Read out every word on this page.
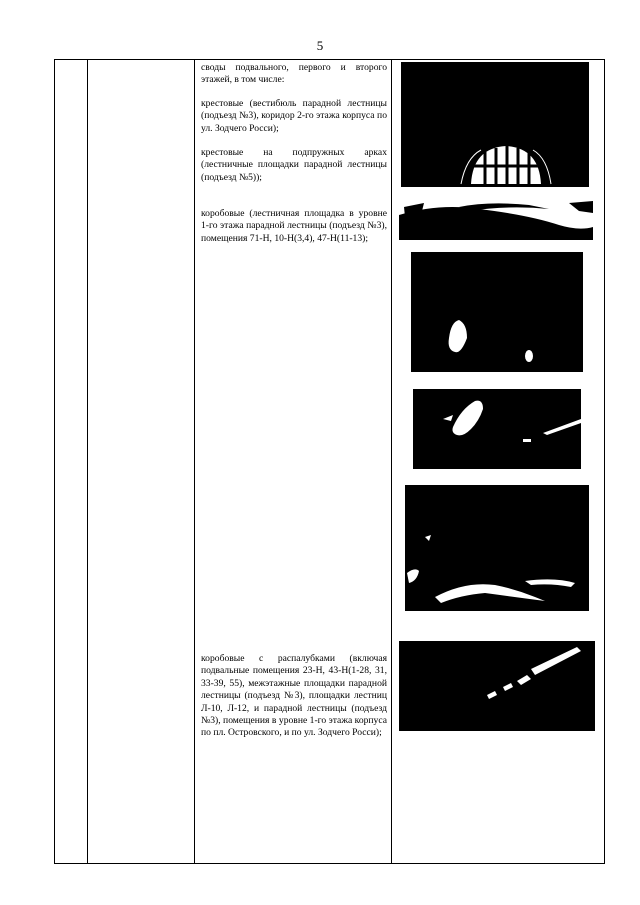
5

своды подвального, первого и второго этажей, в том числе:
крестовые (вестибюль парадной лестницы (подъезд №3), коридор 2-го этажа корпуса по ул. Зодчего Росси);
крестовые на подпружных арках (лестничные площадки парадной лестницы (подъезд №5));
коробовые (лестничная площадка в уровне 1-го этажа парадной лестницы (подъезд №3), помещения 71-Н, 10-Н(3,4), 47-Н(11-13);
коробовые с распалубками (включая подвальные помещения 23-Н, 43-Н(1-28, 31, 33-39, 55), межэтажные площадки парадной лестницы (подъезд №3), площадки лестниц Л-10, Л-12, и парадной лестницы (подъезд №3), помещения в уровне 1-го этажа корпуса по пл. Островского, и по ул. Зодчего Росси);
